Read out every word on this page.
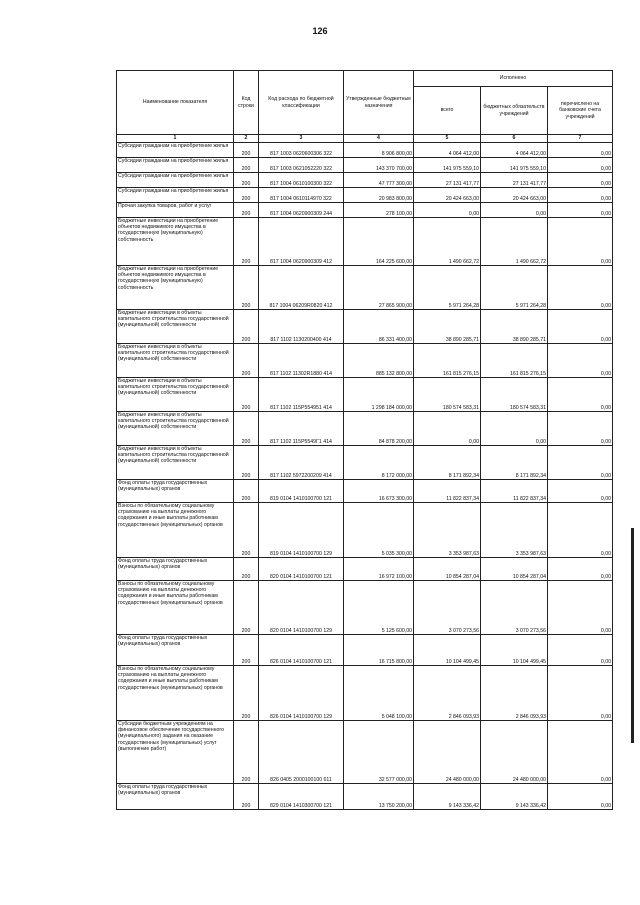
126
Наименование показателя	Код строки	Код расхода по бюджетной классификации	Утвержденные бюджетные назначения	Исполнено		
				всего	бюджетных обязательств учреждений	перечислено на банковские счета учреждений
1	2	3	4	5	6	7
Субсидии гражданам на приобретение жилья	200	817 1003 0620600306 322	8 906 800,00	4 064 412,00	4 064 412,00	0,00
Субсидии гражданам на приобретение жилья	200	817 1003 0621052220 322	143 370 700,00	141 975 559,10	141 975 559,10	0,00
Субсидии гражданам на приобретение жилья	200	817 1004 0610100300 322	47 777 300,00	27 131 417,77	27 131 417,77	0,00
Субсидии гражданам на приобретение жилья	200	817 1004 0610114970 322	20 983 800,00	20 424 663,00	20 424 663,00	0,00
Прочая закупка товаров, работ и услуг	200	817 1004 0620900309 244	278 100,00	0,00	0,00	0,00
Бюджетные инвестиции на приобретение объектов недвижимого имущества в государственную (муниципальную) собственность	200	817 1004 0620900309 412	164 225 600,00	1 490 662,72	1 490 662,72	0,00
Бюджетные инвестиции на приобретение объектов недвижимого имущества в государственную (муниципальную) собственность	200	817 1004 06209R0820 412	27 865 900,00	5 971 264,28	5 971 264,28	0,00
Бюджетные инвестиции в объекты капитального строительства государственной (муниципальной) собственности	200	817 1102 1130200400 414	86 331 400,00	38 890 285,71	38 890 285,71	0,00
Бюджетные инвестиции в объекты капитального строительства государственной (муниципальной) собственности	200	817 1102 11302R1880 414	885 132 800,00	161 815 276,15	161 815 276,15	0,00
Бюджетные инвестиции в объекты капитального строительства государственной (муниципальной) собственности	200	817 1102 115P554951 414	1 298 184 000,00	180 574 583,31	180 574 583,31	0,00
Бюджетные инвестиции в объекты капитального строительства государственной (муниципальной) собственности	200	817 1102 115P5549Г1 414	84 878 200,00	0,00	0,00	0,00
Бюджетные инвестиции в объекты капитального строительства государственной (муниципальной) собственности	200	817 1102 5972200209 414	8 172 000,00	8 171 892,34	8 171 892,34	0,00
Фонд оплаты труда государственных (муниципальных) органов	200	819 0104 1410100700 121	16 673 300,00	11 822 837,34	11 822 837,34	0,00
Взносы по обязательному социальному страхованию на выплаты денежного содержания и иные выплаты работникам государственных (муниципальных) органов	200	819 0104 1410100700 129	5 035 300,00	3 353 987,63	3 353 987,63	0,00
Фонд оплаты труда государственных (муниципальных) органов	200	820 0104 1410100700 121	16 972 100,00	10 854 287,04	10 854 287,04	0,00
Взносы по обязательному социальному страхованию на выплаты денежного содержания и иные выплаты работникам государственных (муниципальных) органов	200	820 0104 1410100700 129	5 125 600,00	3 070 273,56	3 070 273,56	0,00
Фонд оплаты труда государственных (муниципальных) органов	200	826 0104 1410100700 121	16 715 800,00	10 104 499,45	10 104 499,45	0,00
Взносы по обязательному социальному страхованию на выплаты денежного содержания и иные выплаты работникам государственных (муниципальных) органов	200	826 0104 1410100700 129	5 048 100,00	2 846 093,93	2 846 093,93	0,00
Субсидии бюджетным учреждениям на финансовое обеспечение государственного (муниципального) задания на оказание государственных (муниципальных) услуг (выполнение работ)	200	826 0405 2000100100 611	32 577 000,00	24 480 000,00	24 480 000,00	0,00
Фонд оплаты труда государственных (муниципальных) органов	200	829 0104 1410300700 121	13 750 200,00	9 143 336,42	9 143 336,42	0,00
